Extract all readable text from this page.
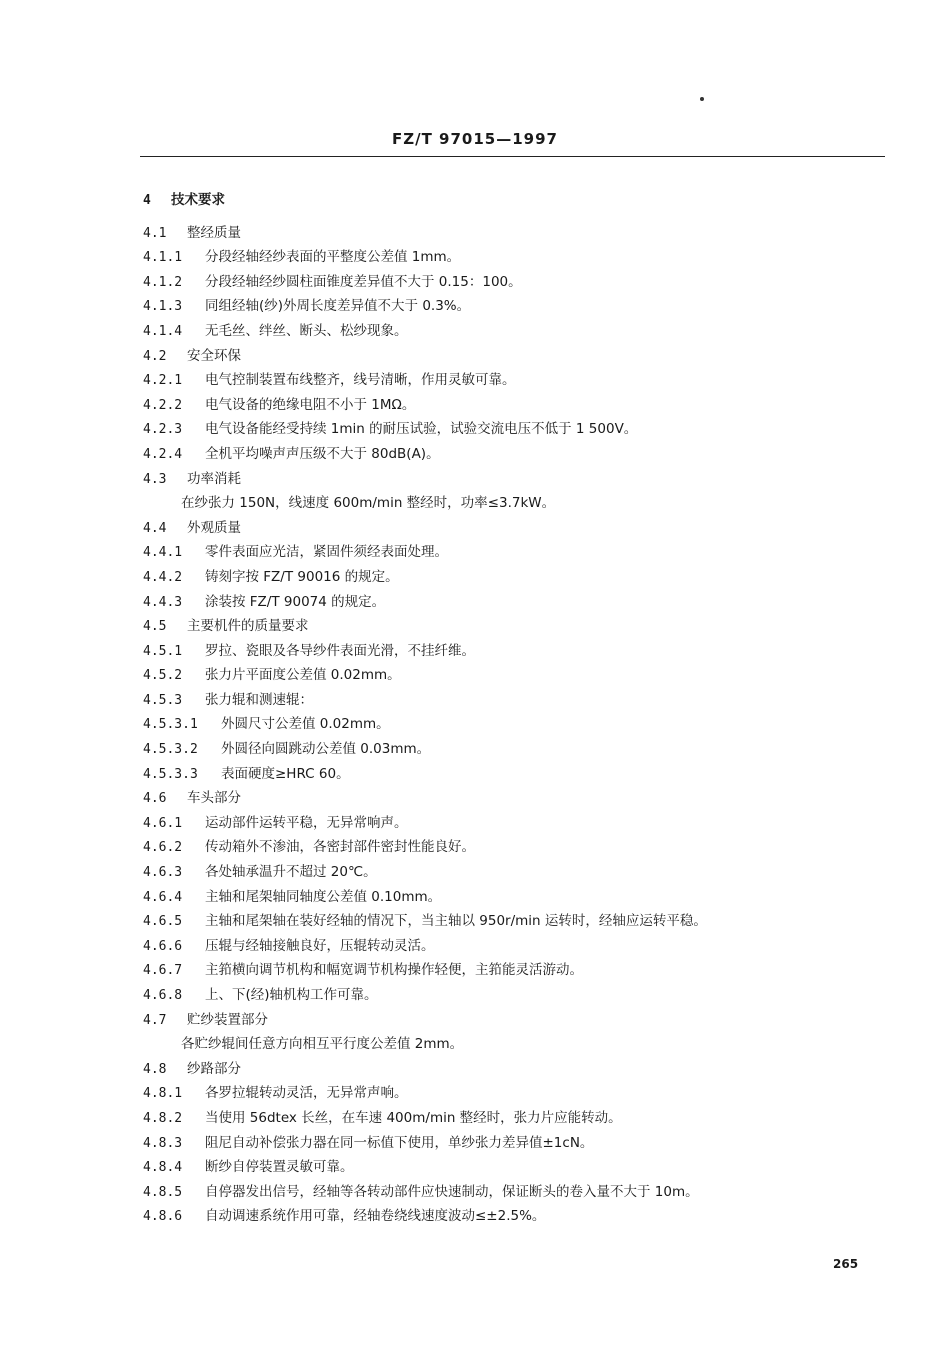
FZ/T 97015—1997
4 技术要求
4.1 整经质量
4.1.1 分段经轴经纱表面的平整度公差值 1mm。
4.1.2 分段经轴经纱圆柱面锥度差异值不大于 0.15：100。
4.1.3 同组经轴(纱)外周长度差异值不大于 0.3%。
4.1.4 无毛丝、绊丝、断头、松纱现象。
4.2 安全环保
4.2.1 电气控制装置布线整齐，线号清晰，作用灵敏可靠。
4.2.2 电气设备的绝缘电阻不小于 1MΩ。
4.2.3 电气设备能经受持续 1min 的耐压试验，试验交流电压不低于 1 500V。
4.2.4 全机平均噪声声压级不大于 80dB(A)。
4.3 功率消耗
在纱张力 150N，线速度 600m/min 整经时，功率≤3.7kW。
4.4 外观质量
4.4.1 零件表面应光洁，紧固件须经表面处理。
4.4.2 铸刻字按 FZ/T 90016 的规定。
4.4.3 涂装按 FZ/T 90074 的规定。
4.5 主要机件的质量要求
4.5.1 罗拉、瓷眼及各导纱件表面光滑，不挂纤维。
4.5.2 张力片平面度公差值 0.02mm。
4.5.3 张力辊和测速辊：
4.5.3.1 外圆尺寸公差值 0.02mm。
4.5.3.2 外圆径向圆跳动公差值 0.03mm。
4.5.3.3 表面硬度≥HRC 60。
4.6 车头部分
4.6.1 运动部件运转平稳，无异常响声。
4.6.2 传动箱外不渗油，各密封部件密封性能良好。
4.6.3 各处轴承温升不超过 20℃。
4.6.4 主轴和尾架轴同轴度公差值 0.10mm。
4.6.5 主轴和尾架轴在装好经轴的情况下，当主轴以 950r/min 运转时，经轴应运转平稳。
4.6.6 压辊与经轴接触良好，压辊转动灵活。
4.6.7 主筘横向调节机构和幅宽调节机构操作轻便，主筘能灵活游动。
4.6.8 上、下(经)轴机构工作可靠。
4.7 贮纱装置部分
各贮纱辊间任意方向相互平行度公差值 2mm。
4.8 纱路部分
4.8.1 各罗拉辊转动灵活，无异常声响。
4.8.2 当使用 56dtex 长丝，在车速 400m/min 整经时，张力片应能转动。
4.8.3 阻尼自动补偿张力器在同一标值下使用，单纱张力差异值±1cN。
4.8.4 断纱自停装置灵敏可靠。
4.8.5 自停器发出信号，经轴等各转动部件应快速制动，保证断头的卷入量不大于 10m。
4.8.6 自动调速系统作用可靠，经轴卷绕线速度波动≤±2.5%。
265
